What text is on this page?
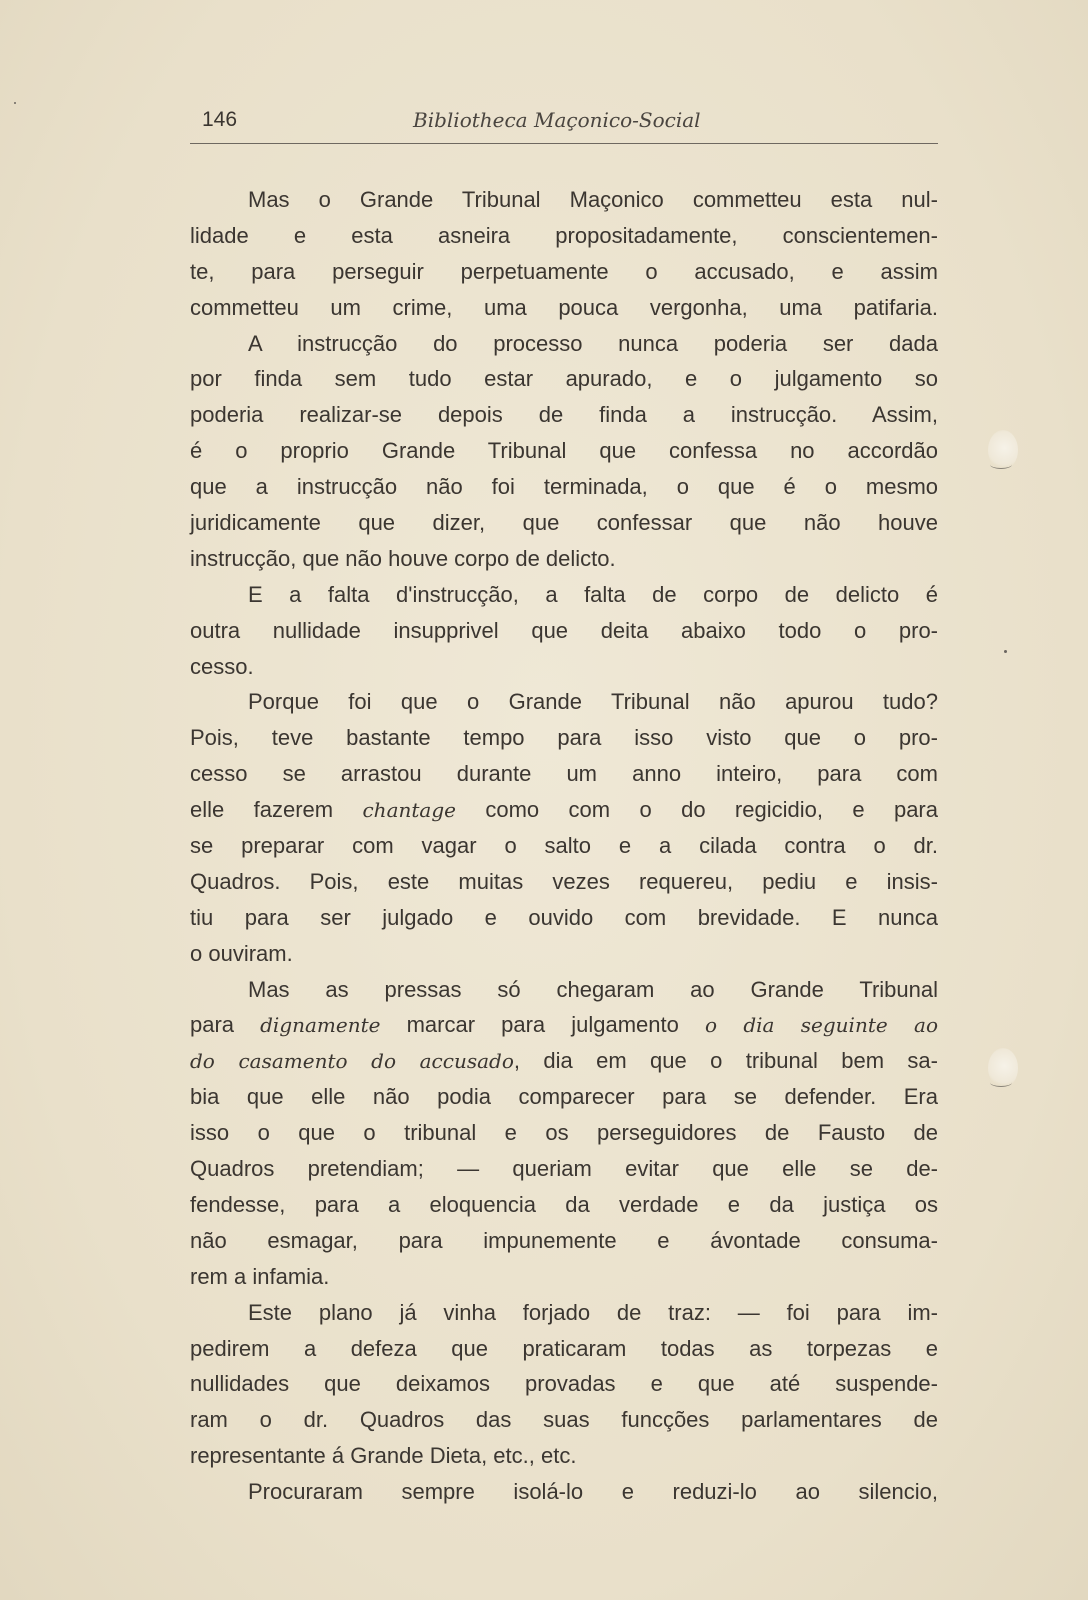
146	Bibliotheca Maçonico-Social
Mas o Grande Tribunal Maçonico commetteu esta nul-
lidade e esta asneira propositadamente, conscientemen-
te, para perseguir perpetuamente o accusado, e assim
commetteu um crime, uma pouca vergonha, uma patifaria.
A instrucção do processo nunca poderia ser dada
por finda sem tudo estar apurado, e o julgamento so
poderia realizar-se depois de finda a instrucção. Assim,
é o proprio Grande Tribunal que confessa no accordão
que a instrucção não foi terminada, o que é o mesmo
juridicamente que dizer, que confessar que não houve
instrucção, que não houve corpo de delicto.
E a falta d'instrucção, a falta de corpo de delicto é
outra nullidade insupprivel que deita abaixo todo o pro-
cesso.
Porque foi que o Grande Tribunal não apurou tudo?
Pois, teve bastante tempo para isso visto que o pro-
cesso se arrastou durante um anno inteiro, para com
elle fazerem chantage como com o do regicidio, e para
se preparar com vagar o salto e a cilada contra o dr.
Quadros. Pois, este muitas vezes requereu, pediu e insis-
tiu para ser julgado e ouvido com brevidade. E nunca
o ouviram.
Mas as pressas só chegaram ao Grande Tribunal
para dignamente marcar para julgamento o dia seguinte ao
do casamento do accusado, dia em que o tribunal bem sa-
bia que elle não podia comparecer para se defender. Era
isso o que o tribunal e os perseguidores de Fausto de
Quadros pretendiam; — queriam evitar que elle se de-
fendesse, para a eloquencia da verdade e da justiça os
não esmagar, para impunemente e ávontade consuma-
rem a infamia.
Este plano já vinha forjado de traz: — foi para im-
pedirem a defeza que praticaram todas as torpezas e
nullidades que deixamos provadas e que até suspende-
ram o dr. Quadros das suas funcções parlamentares de
representante á Grande Dieta, etc., etc.
Procuraram sempre isolá-lo e reduzi-lo ao silencio,
